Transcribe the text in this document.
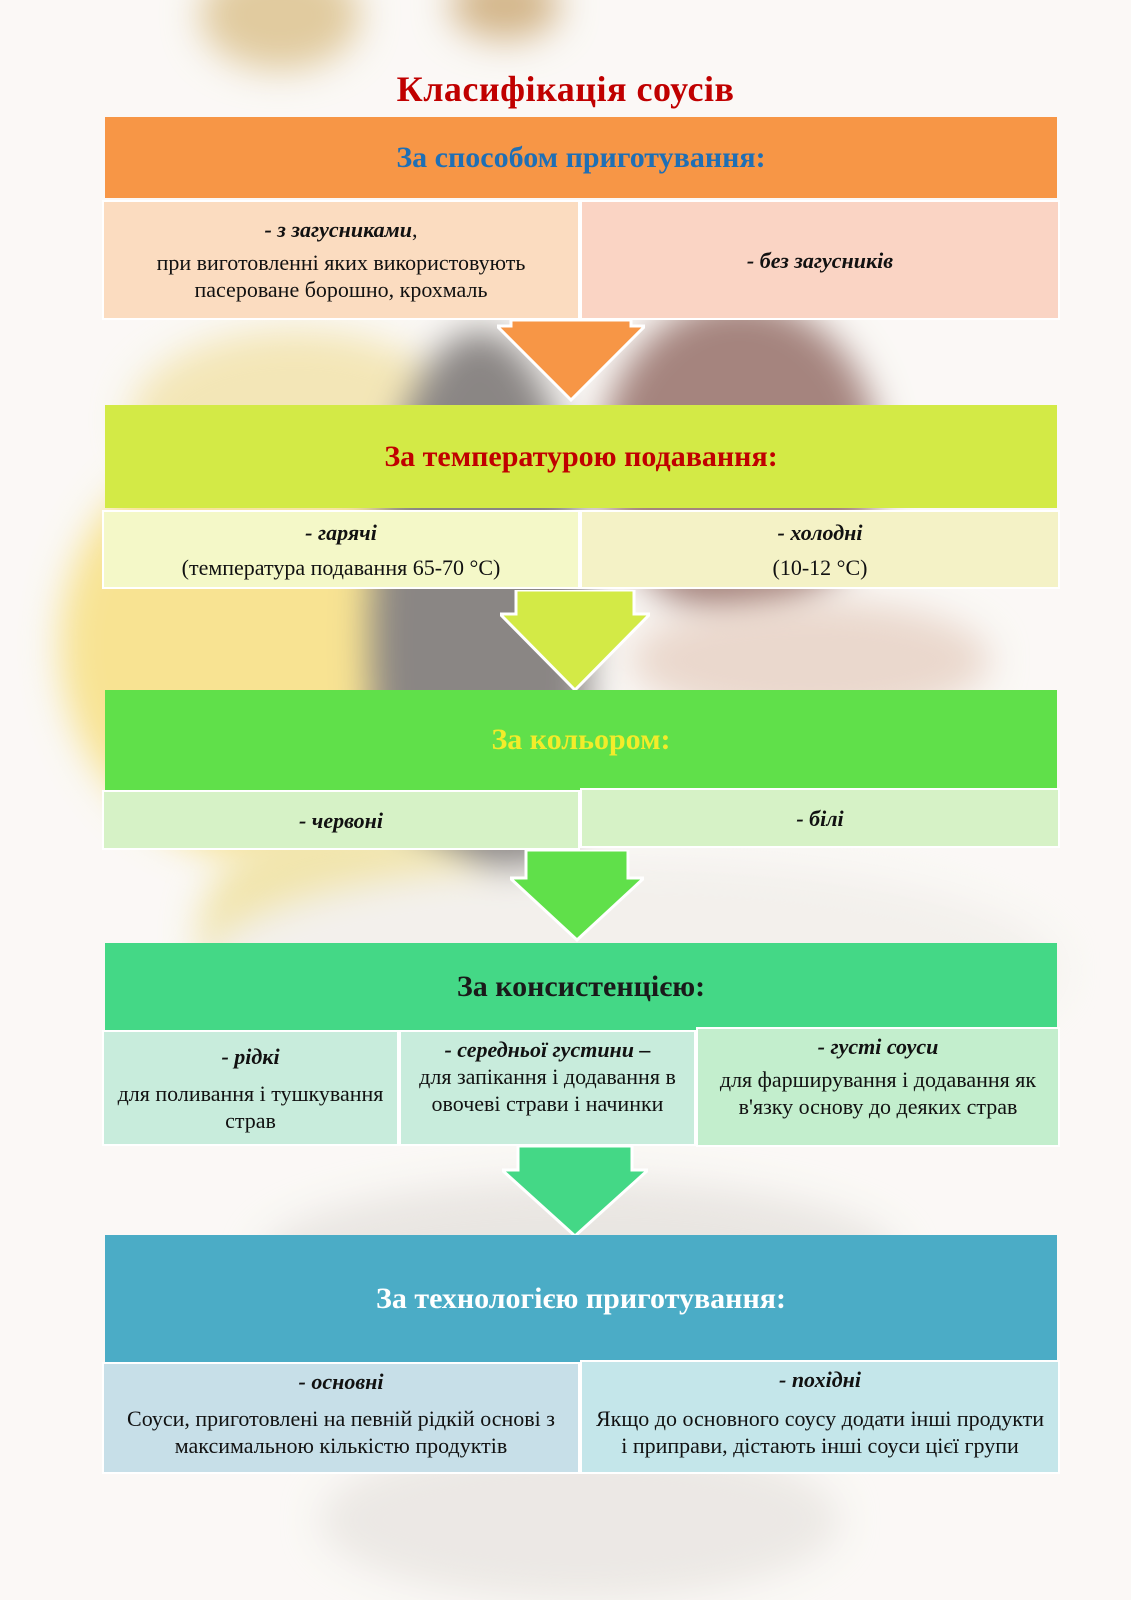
Класифікація соусів
За способом приготування:
- з загусниками,
при виготовленні яких використовують пасероване борошно, крохмаль
- без загусників
За температурою подавання:
- гарячі
(температура подавання 65-70 °С)
- холодні
(10-12 °С)
За кольором:
- червоні	- білі
За консистенцією:
- рідкі
для поливання і тушкування страв
- середньої густини –
для запікання і додавання в овочеві страви і начинки
- густі соуси
для фарширування і додавання як в'язку основу до деяких страв
За технологією приготування:
- основні
Соуси, приготовлені на певній рідкій основі з максимальною кількістю продуктів
- похідні
Якщо до основного соусу додати інші продукти і приправи, дістають інші соуси цієї групи
